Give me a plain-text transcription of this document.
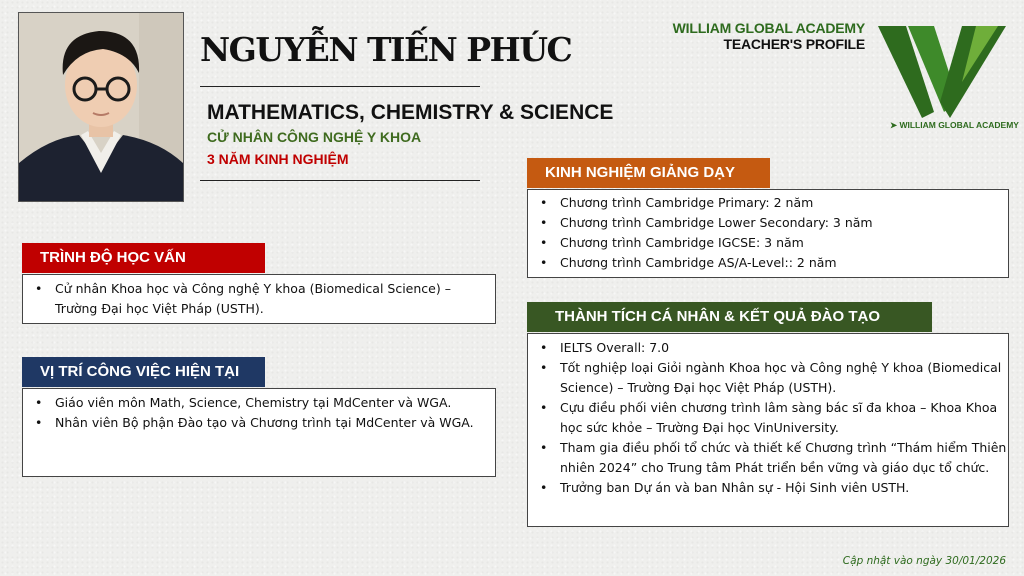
NGUYỄN TIẾN PHÚC
MATHEMATICS, CHEMISTRY & SCIENCE
CỬ NHÂN CÔNG NGHỆ Y KHOA
3 NĂM KINH NGHIỆM
WILLIAM GLOBAL ACADEMY
TEACHER'S PROFILE
➤ WILLIAM GLOBAL ACADEMY
TRÌNH ĐỘ HỌC VẤN
• Cử nhân Khoa học và Công nghệ Y khoa (Biomedical Science) – Trường Đại học Việt Pháp (USTH).
VỊ TRÍ CÔNG VIỆC HIỆN TẠI
• Giáo viên môn Math, Science, Chemistry tại MdCenter và WGA.
• Nhân viên Bộ phận Đào tạo và Chương trình tại MdCenter và WGA.
KINH NGHIỆM GIẢNG DẠY
• Chương trình Cambridge Primary: 2 năm
• Chương trình Cambridge Lower Secondary: 3 năm
• Chương trình Cambridge IGCSE: 3 năm
• Chương trình Cambridge AS/A-Level:: 2 năm
THÀNH TÍCH CÁ NHÂN & KẾT QUẢ ĐÀO TẠO
• IELTS Overall: 7.0
• Tốt nghiệp loại Giỏi ngành Khoa học và Công nghệ Y khoa (Biomedical Science) – Trường Đại học Việt Pháp (USTH).
• Cựu điều phối viên chương trình lâm sàng bác sĩ đa khoa – Khoa Khoa học sức khỏe – Trường Đại học VinUniversity.
• Tham gia điều phối tổ chức và thiết kế Chương trình “Thám hiểm Thiên nhiên 2024” cho Trung tâm Phát triển bền vững và giáo dục tổ chức.
• Trưởng ban Dự án và ban Nhân sự - Hội Sinh viên USTH.
Cập nhật vào ngày 30/01/2026
